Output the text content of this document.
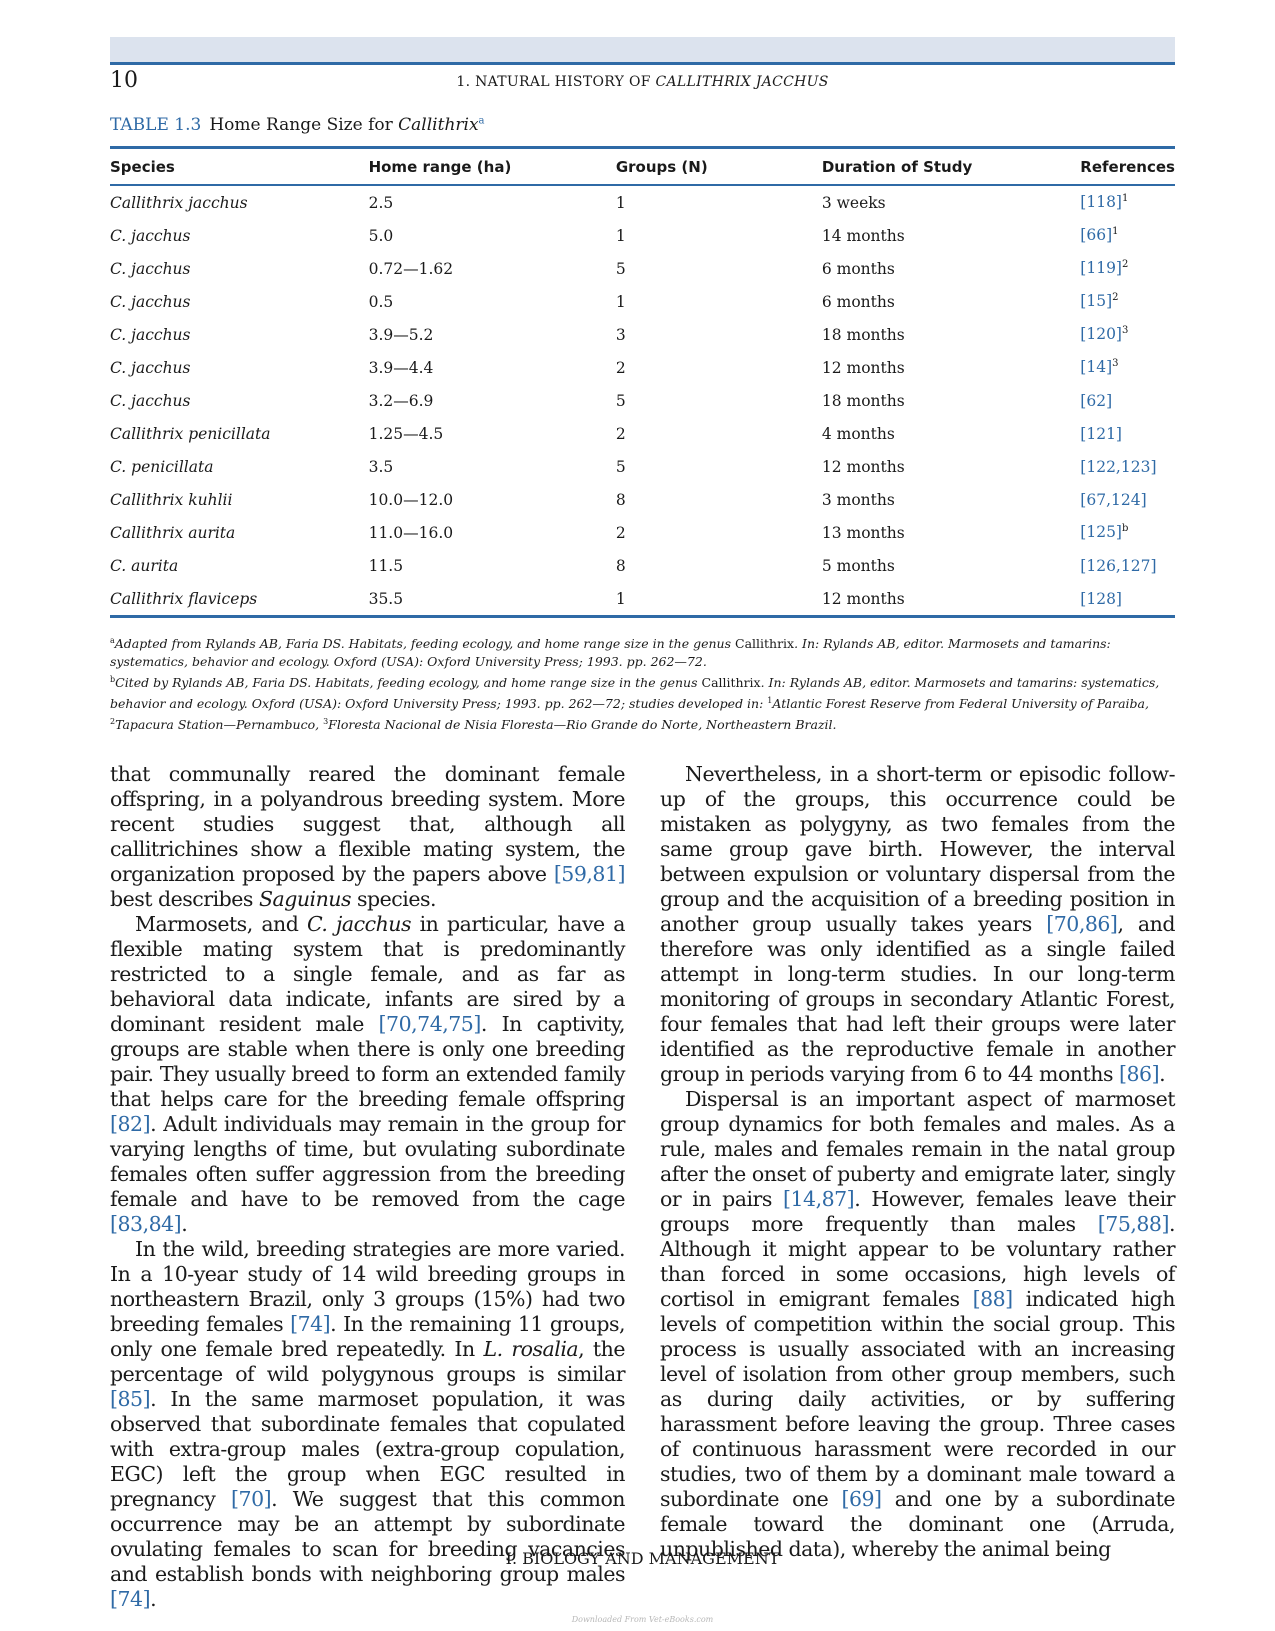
10	1. NATURAL HISTORY OF CALLITHRIX JACCHUS
TABLE 1.3 Home Range Size for Callithrix$^a$
Species	Home range (ha)	Groups (N)	Duration of Study	References
Callithrix jacchus	2.5	1	3 weeks	$[118]^1$
C. jacchus	5.0	1	14 months	$[66]^1$
C. jacchus	0.72—1.62	5	6 months	$[119]^2$
C. jacchus	0.5	1	6 months	$[15]^2$
C. jacchus	3.9—5.2	3	18 months	$[120]^3$
C. jacchus	3.9—4.4	2	12 months	$[14]^3$
C. jacchus	3.2—6.9	5	18 months	[62]
Callithrix penicillata	1.25—4.5	2	4 months	[121]
C. penicillata	3.5	5	12 months	[122,123]
Callithrix kuhlii	10.0—12.0	8	3 months	[67,124]
Callithrix aurita	11.0—16.0	2	13 months	$[125]^b$
C. aurita	11.5	8	5 months	[126,127]
Callithrix flaviceps	35.5	1	12 months	[128]

$^a$Adapted from Rylands AB, Faria DS. Habitats, feeding ecology, and home range size in the genus Callithrix. In: Rylands AB, editor. Marmosets and tamarins: systematics, behavior and ecology. Oxford (USA): Oxford University Press; 1993. pp. 262—72.

$^b$Cited by Rylands AB, Faria DS. Habitats, feeding ecology, and home range size in the genus Callithrix. In: Rylands AB, editor. Marmosets and tamarins: systematics, behavior and ecology. Oxford (USA): Oxford University Press; 1993. pp. 262—72; studies developed in: $^1$Atlantic Forest Reserve from Federal University of Paraiba, $^2$Tapacura Station—Pernambuco, $^3$Floresta Nacional de Nisia Floresta—Rio Grande do Norte, Northeastern Brazil.

that communally reared the dominant female offspring, in a polyandrous breeding system. More recent studies suggest that, although all callitrichines show a flexible mating system, the organization proposed by the papers above [59,81] best describes Saguinus species.

Marmosets, and C. jacchus in particular, have a flexible mating system that is predominantly restricted to a single female, and as far as behavioral data indicate, infants are sired by a dominant resident male [70,74,75]. In captivity, groups are stable when there is only one breeding pair. They usually breed to form an extended family that helps care for the breeding female offspring [82]. Adult individuals may remain in the group for varying lengths of time, but ovulating subordinate females often suffer aggression from the breeding female and have to be removed from the cage [83,84].

In the wild, breeding strategies are more varied. In a 10-year study of 14 wild breeding groups in northeastern Brazil, only 3 groups (15%) had two breeding females [74]. In the remaining 11 groups, only one female bred repeatedly. In L. rosalia, the percentage of wild polygynous groups is similar [85]. In the same marmoset population, it was observed that subordinate females that copulated with extra-group males (extra-group copulation, EGC) left the group when EGC resulted in pregnancy [70]. We suggest that this common occurrence may be an attempt by subordinate ovulating females to scan for breeding vacancies and establish bonds with neighboring group males [74].

Nevertheless, in a short-term or episodic follow-up of the groups, this occurrence could be mistaken as polygyny, as two females from the same group gave birth. However, the interval between expulsion or voluntary dispersal from the group and the acquisition of a breeding position in another group usually takes years [70,86], and therefore was only identified as a single failed attempt in long-term studies. In our long-term monitoring of groups in secondary Atlantic Forest, four females that had left their groups were later identified as the reproductive female in another group in periods varying from 6 to 44 months [86].

Dispersal is an important aspect of marmoset group dynamics for both females and males. As a rule, males and females remain in the natal group after the onset of puberty and emigrate later, singly or in pairs [14,87]. However, females leave their groups more frequently than males [75,88]. Although it might appear to be voluntary rather than forced in some occasions, high levels of cortisol in emigrant females [88] indicated high levels of competition within the social group. This process is usually associated with an increasing level of isolation from other group members, such as during daily activities, or by suffering harassment before leaving the group. Three cases of continuous harassment were recorded in our studies, two of them by a dominant male toward a subordinate one [69] and one by a subordinate female toward the dominant one (Arruda, unpublished data), whereby the animal being

I. BIOLOGY AND MANAGEMENT
Downloaded From Vet-eBooks.com
